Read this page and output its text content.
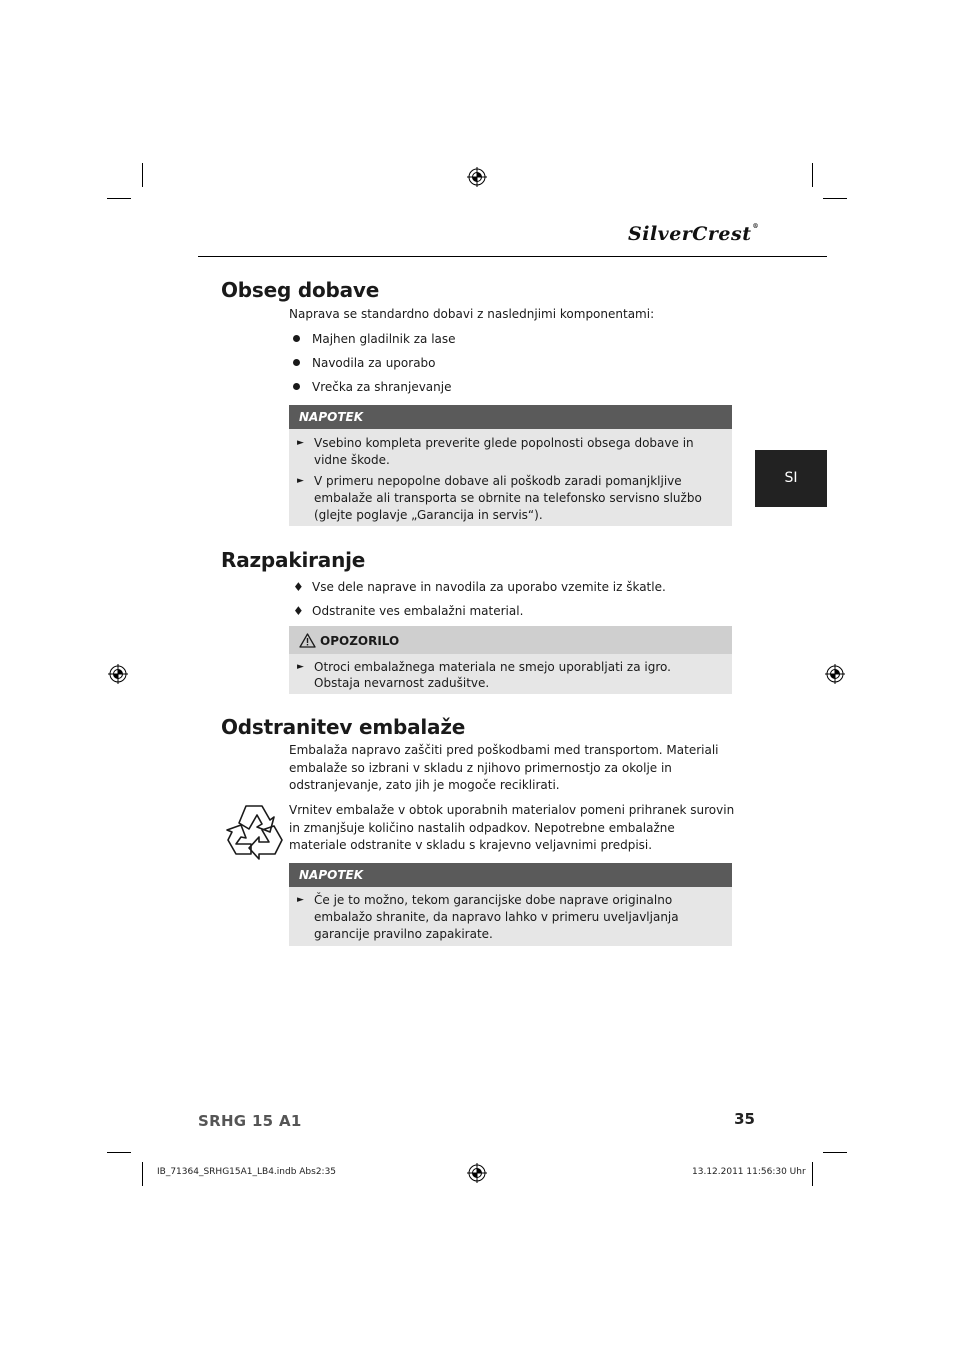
SilverCrest®
SI
Obseg dobave
Naprava se standardno dobavi z naslednjimi komponentami:
Majhen gladilnik za lase
Navodila za uporabo
Vrečka za shranjevanje
NAPOTEK
► Vsebino kompleta preverite glede popolnosti obsega dobave in vidne škode.
► V primeru nepopolne dobave ali poškodb zaradi pomanjkljive embalaže ali transporta se obrnite na telefonsko servisno službo (glejte poglavje „Garancija in servis“).
Razpakiranje
♦ Vse dele naprave in navodila za uporabo vzemite iz škatle.
♦ Odstranite ves embalažni material.
OPOZORILO
► Otroci embalažnega materiala ne smejo uporabljati za igro. Obstaja nevarnost zadušitve.
Odstranitev embalaže
Embalaža napravo zaščiti pred poškodbami med transportom. Materiali embalaže so izbrani v skladu z njihovo primernostjo za okolje in odstranjevanje, zato jih je mogoče reciklirati.
Vrnitev embalaže v obtok uporabnih materialov pomeni prihranek surovin in zmanjšuje količino nastalih odpadkov. Nepotrebne embalažne materiale odstranite v skladu s krajevno veljavnimi predpisi.
NAPOTEK
► Če je to možno, tekom garancijske dobe naprave originalno embalažo shranite, da napravo lahko v primeru uveljavljanja garancije pravilno zapakirate.
SRHG 15 A1	35
IB_71364_SRHG15A1_LB4.indb Abs2:35	13.12.2011 11:56:30 Uhr
